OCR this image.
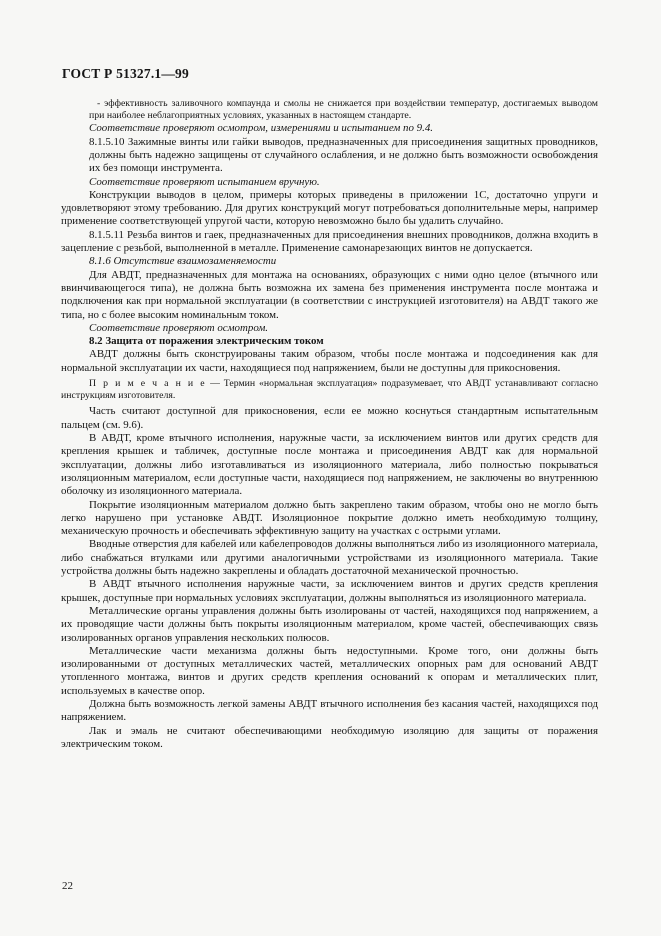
ГОСТ Р 51327.1—99

- эффективность заливочного компаунда и смолы не снижается при воздействии температур, достигаемых выводом при наиболее неблагоприятных условиях, указанных в настоящем стандарте.

Соответствие проверяют осмотром, измерениями и испытанием по 9.4.

8.1.5.10 Зажимные винты или гайки выводов, предназначенных для присоединения защитных проводников, должны быть надежно защищены от случайного ослабления, и не должно быть возможности освобождения их без помощи инструмента.

Соответствие проверяют испытанием вручную.

Конструкции выводов в целом, примеры которых приведены в приложении 1С, достаточно упруги и удовлетворяют этому требованию. Для других конструкций могут потребоваться дополнительные меры, например применение соответствующей упругой части, которую невозможно было бы удалить случайно.

8.1.5.11 Резьба винтов и гаек, предназначенных для присоединения внешних проводников, должна входить в зацепление с резьбой, выполненной в металле. Применение самонарезающих винтов не допускается.

8.1.6 Отсутствие взаимозаменяемости

Для АВДТ, предназначенных для монтажа на основаниях, образующих с ними одно целое (втычного или ввинчивающегося типа), не должна быть возможна их замена без применения инструмента после монтажа и подключения как при нормальной эксплуатации (в соответствии с инструкцией изготовителя) на АВДТ такого же типа, но с более высоким номинальным током.

Соответствие проверяют осмотром.

8.2 Защита от поражения электрическим током

АВДТ должны быть сконструированы таким образом, чтобы после монтажа и подсоединения как для нормальной эксплуатации их части, находящиеся под напряжением, были не доступны для прикосновения.

П р и м е ч а н и е — Термин «нормальная эксплуатация» подразумевает, что АВДТ устанавливают согласно инструкциям изготовителя.

Часть считают доступной для прикосновения, если ее можно коснуться стандартным испытательным пальцем (см. 9.6).

В АВДТ, кроме втычного исполнения, наружные части, за исключением винтов или других средств для крепления крышек и табличек, доступные после монтажа и присоединения АВДТ как для нормальной эксплуатации, должны либо изготавливаться из изоляционного материала, либо полностью покрываться изоляционным материалом, если доступные части, находящиеся под напряжением, не заключены во внутреннюю оболочку из изоляционного материала.

Покрытие изоляционным материалом должно быть закреплено таким образом, чтобы оно не могло быть легко нарушено при установке АВДТ. Изоляционное покрытие должно иметь необходимую толщину, механическую прочность и обеспечивать эффективную защиту на участках с острыми углами.

Вводные отверстия для кабелей или кабелепроводов должны выполняться либо из изоляционного материала, либо снабжаться втулками или другими аналогичными устройствами из изоляционного материала. Такие устройства должны быть надежно закреплены и обладать достаточной механической прочностью.

В АВДТ втычного исполнения наружные части, за исключением винтов и других средств крепления крышек, доступные при нормальных условиях эксплуатации, должны выполняться из изоляционного материала.

Металлические органы управления должны быть изолированы от частей, находящихся под напряжением, а их проводящие части должны быть покрыты изоляционным материалом, кроме частей, обеспечивающих связь изолированных органов управления нескольких полюсов.

Металлические части механизма должны быть недоступными. Кроме того, они должны быть изолированными от доступных металлических частей, металлических опорных рам для оснований АВДТ утопленного монтажа, винтов и других средств крепления оснований к опорам и металлических плит, используемых в качестве опор.

Должна быть возможность легкой замены АВДТ втычного исполнения без касания частей, находящихся под напряжением.

Лак и эмаль не считают обеспечивающими необходимую изоляцию для защиты от поражения электрическим током.

22
